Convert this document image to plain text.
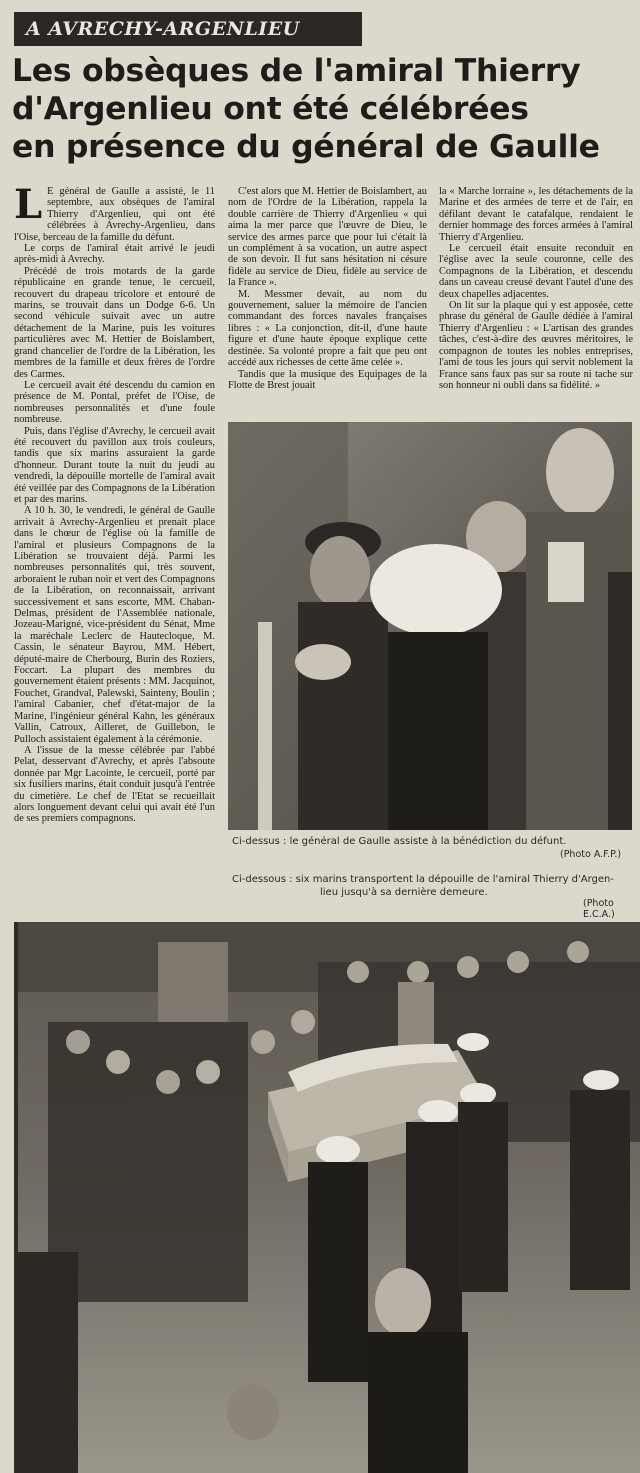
A AVRECHY-ARGENLIEU
Les obsèques de l'amiral Thierry
d'Argenlieu ont été célébrées
en présence du général de Gaulle

L E général de Gaulle a assisté, le 11 septembre, aux obsèques de l'amiral Thierry d'Argenlieu, qui ont été célébrées à Avrechy-Argenlieu, dans l'Oise, berceau de la famille du défunt.

Le corps de l'amiral était arrivé le jeudi après-midi à Avrechy.

Précédé de trois motards de la garde républicaine en grande tenue, le cercueil, recouvert du drapeau tricolore et entouré de marins, se trouvait dans un Dodge 6-6. Un second véhicule suivait avec un autre détachement de la Marine, puis les voitures particulières avec M. Hettier de Boislambert, grand chancelier de l'ordre de la Libération, les membres de la famille et deux frères de l'ordre des Carmes.

Le cercueil avait été descendu du camion en présence de M. Pontal, préfet de l'Oise, de nombreuses personnalités et d'une foule nombreuse.

Puis, dans l'église d'Avrechy, le cercueil avait été recouvert du pavillon aux trois couleurs, tandis que six marins assuraient la garde d'honneur. Durant toute la nuit du jeudi au vendredi, la dépouille mortelle de l'amiral avait été veillée par des Compagnons de la Libération et par des marins.

A 10 h. 30, le vendredi, le général de Gaulle arrivait à Avrechy-Argenlieu et prenait place dans le chœur de l'église où la famille de l'amiral et plusieurs Compagnons de la Libération se trouvaient déjà. Parmi les nombreuses personnalités qui, très souvent, arboraient le ruban noir et vert des Compagnons de la Libération, on reconnaissait, arrivant successivement et sans escorte, MM. Chaban-Delmas, président de l'Assemblée nationale, Jozeau-Marigné, vice-président du Sénat, Mme la maréchale Leclerc de Hautecloque, M. Cassin, le sénateur Bayrou, MM. Hébert, député-maire de Cherbourg, Burin des Roziers, Foccart. La plupart des membres du gouvernement étaient présents : MM. Jacquinot, Fouchet, Grandval, Palewski, Sainteny, Boulin ; l'amiral Cabanier, chef d'état-major de la Marine, l'ingénieur général Kahn, les généraux Vallin, Catroux, Ailleret, de Guillebon, le Pulloch assistaient également à la cérémonie.

A l'issue de la messe célébrée par l'abbé Pelat, desservant d'Avrechy, et après l'absoute donnée par Mgr Lacointe, le cercueil, porté par six fusiliers marins, était conduit jusqu'à l'entrée du cimetière. Le chef de l'Etat se recueillait alors longuement devant celui qui avait été l'un de ses premiers compagnons.

C'est alors que M. Hettier de Boislambert, au nom de l'Ordre de la Libération, rappela la double carrière de Thierry d'Argenlieu « qui aima la mer parce que l'œuvre de Dieu, le service des armes parce que pour lui c'était là un complément à sa vocation, un autre aspect de son devoir. Il fut sans hésitation ni césure fidèle au service de Dieu, fidèle au service de la France ».

M. Messmer devait, au nom du gouvernement, saluer la mémoire de l'ancien commandant des forces navales françaises libres : « La conjonction, dit-il, d'une haute figure et d'une haute époque explique cette destinée. Sa volonté propre a fait que peu ont accédé aux richesses de cette âme celée ».

Tandis que la musique des Equipages de la Flotte de Brest jouait

la « Marche lorraine », les détachements de la Marine et des armées de terre et de l'air, en défilant devant le catafalque, rendaient le dernier hommage des forces armées à l'amiral Thierry d'Argenlieu.

Le cercueil était ensuite reconduit en l'église avec la seule couronne, celle des Compagnons de la Libération, et descendu dans un caveau creusé devant l'autel d'une des deux chapelles adjacentes.

On lit sur la plaque qui y est apposée, cette phrase du général de Gaulle dédiée à l'amiral Thierry d'Argenlieu : « L'artisan des grandes tâches, c'est-à-dire des œuvres méritoires, le compagnon de toutes les nobles entreprises, l'ami de tous les jours qui servit noblement la France sans faux pas sur sa route ni tache sur son honneur ni oubli dans sa fidélité. »

Ci-dessus : le général de Gaulle assiste à la bénédiction du défunt.
(Photo A.F.P.)
Ci-dessous : six marins transportent la dépouille de l'amiral Thierry d'Argen-
lieu jusqu'à sa dernière demeure.
(Photo E.C.A.)
